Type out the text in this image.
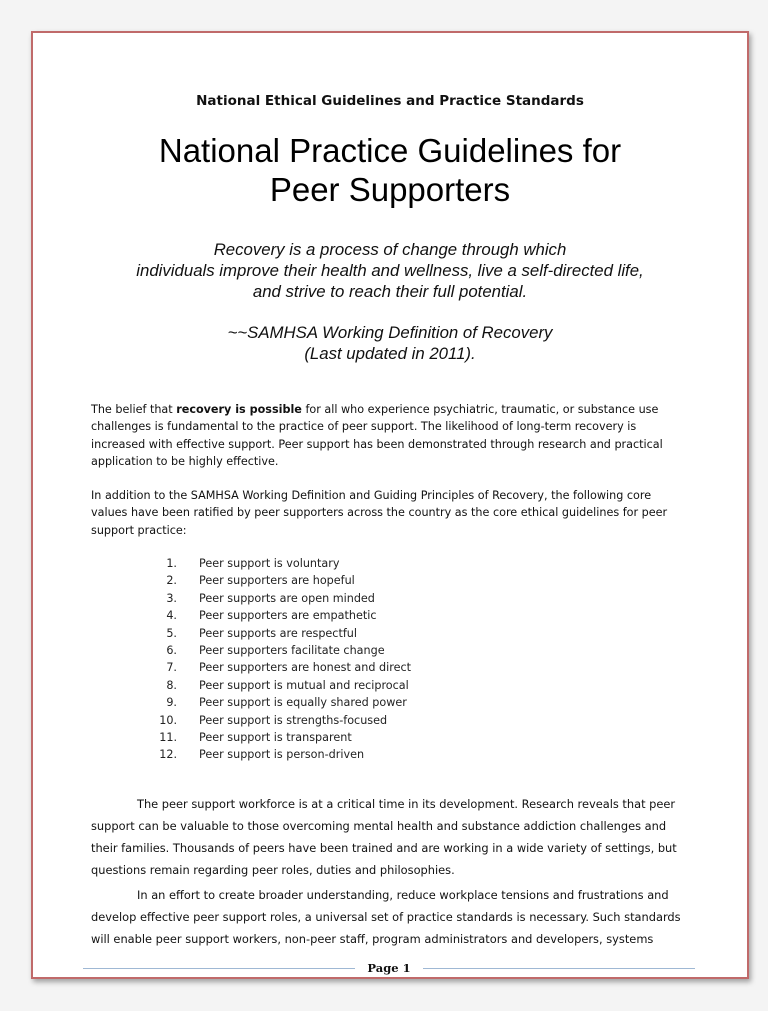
National Ethical Guidelines and Practice Standards
National Practice Guidelines for
Peer Supporters
Recovery is a process of change through which
individuals improve their health and wellness, live a self-directed life,
and strive to reach their full potential.
~~SAMHSA Working Definition of Recovery
(Last updated in 2011).

The belief that recovery is possible for all who experience psychiatric, traumatic, or substance use challenges is fundamental to the practice of peer support. The likelihood of long-term recovery is increased with effective support. Peer support has been demonstrated through research and practical application to be highly effective.

In addition to the SAMHSA Working Definition and Guiding Principles of Recovery, the following core values have been ratified by peer supporters across the country as the core ethical guidelines for peer support practice:

1.	Peer support is voluntary
2.	Peer supporters are hopeful
3.	Peer supports are open minded
4.	Peer supporters are empathetic
5.	Peer supports are respectful
6.	Peer supporters facilitate change
7.	Peer supporters are honest and direct
8.	Peer support is mutual and reciprocal
9.	Peer support is equally shared power
10.	Peer support is strengths-focused
11.	Peer support is transparent
12.	Peer support is person-driven

The peer support workforce is at a critical time in its development. Research reveals that peer support can be valuable to those overcoming mental health and substance addiction challenges and their families. Thousands of peers have been trained and are working in a wide variety of settings, but questions remain regarding peer roles, duties and philosophies.

In an effort to create broader understanding, reduce workplace tensions and frustrations and develop effective peer support roles, a universal set of practice standards is necessary. Such standards will enable peer support workers, non-peer staff, program administrators and developers, systems

Page 1
